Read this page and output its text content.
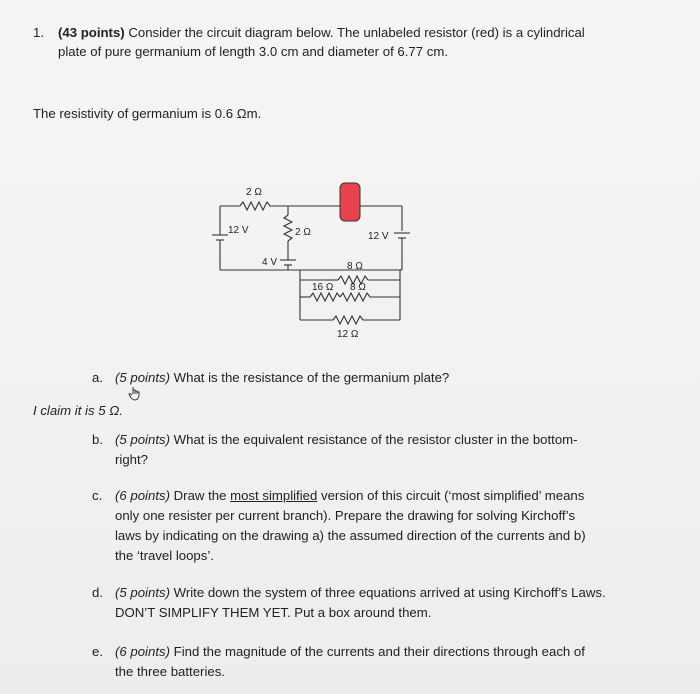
1. (43 points) Consider the circuit diagram below. The unlabeled resistor (red) is a cylindrical
plate of pure germanium of length 3.0 cm and diameter of 6.77 cm.
The resistivity of germanium is 0.6 Ωm.
2 Ω
12 V	2 Ω	12 V
4 V	8 Ω
16 Ω 8 Ω
12 Ω
a. (5 points) What is the resistance of the germanium plate?
I claim it is 5 Ω.
b. (5 points) What is the equivalent resistance of the resistor cluster in the bottom-
right?
c. (6 points) Draw the most simplified version of this circuit (‘most simplified’ means
only one resister per current branch). Prepare the drawing for solving Kirchoff’s
laws by indicating on the drawing a) the assumed direction of the currents and b)
the ‘travel loops’.
d. (5 points) Write down the system of three equations arrived at using Kirchoff’s Laws.
DON’T SIMPLIFY THEM YET. Put a box around them.
e. (6 points) Find the magnitude of the currents and their directions through each of
the three batteries.
